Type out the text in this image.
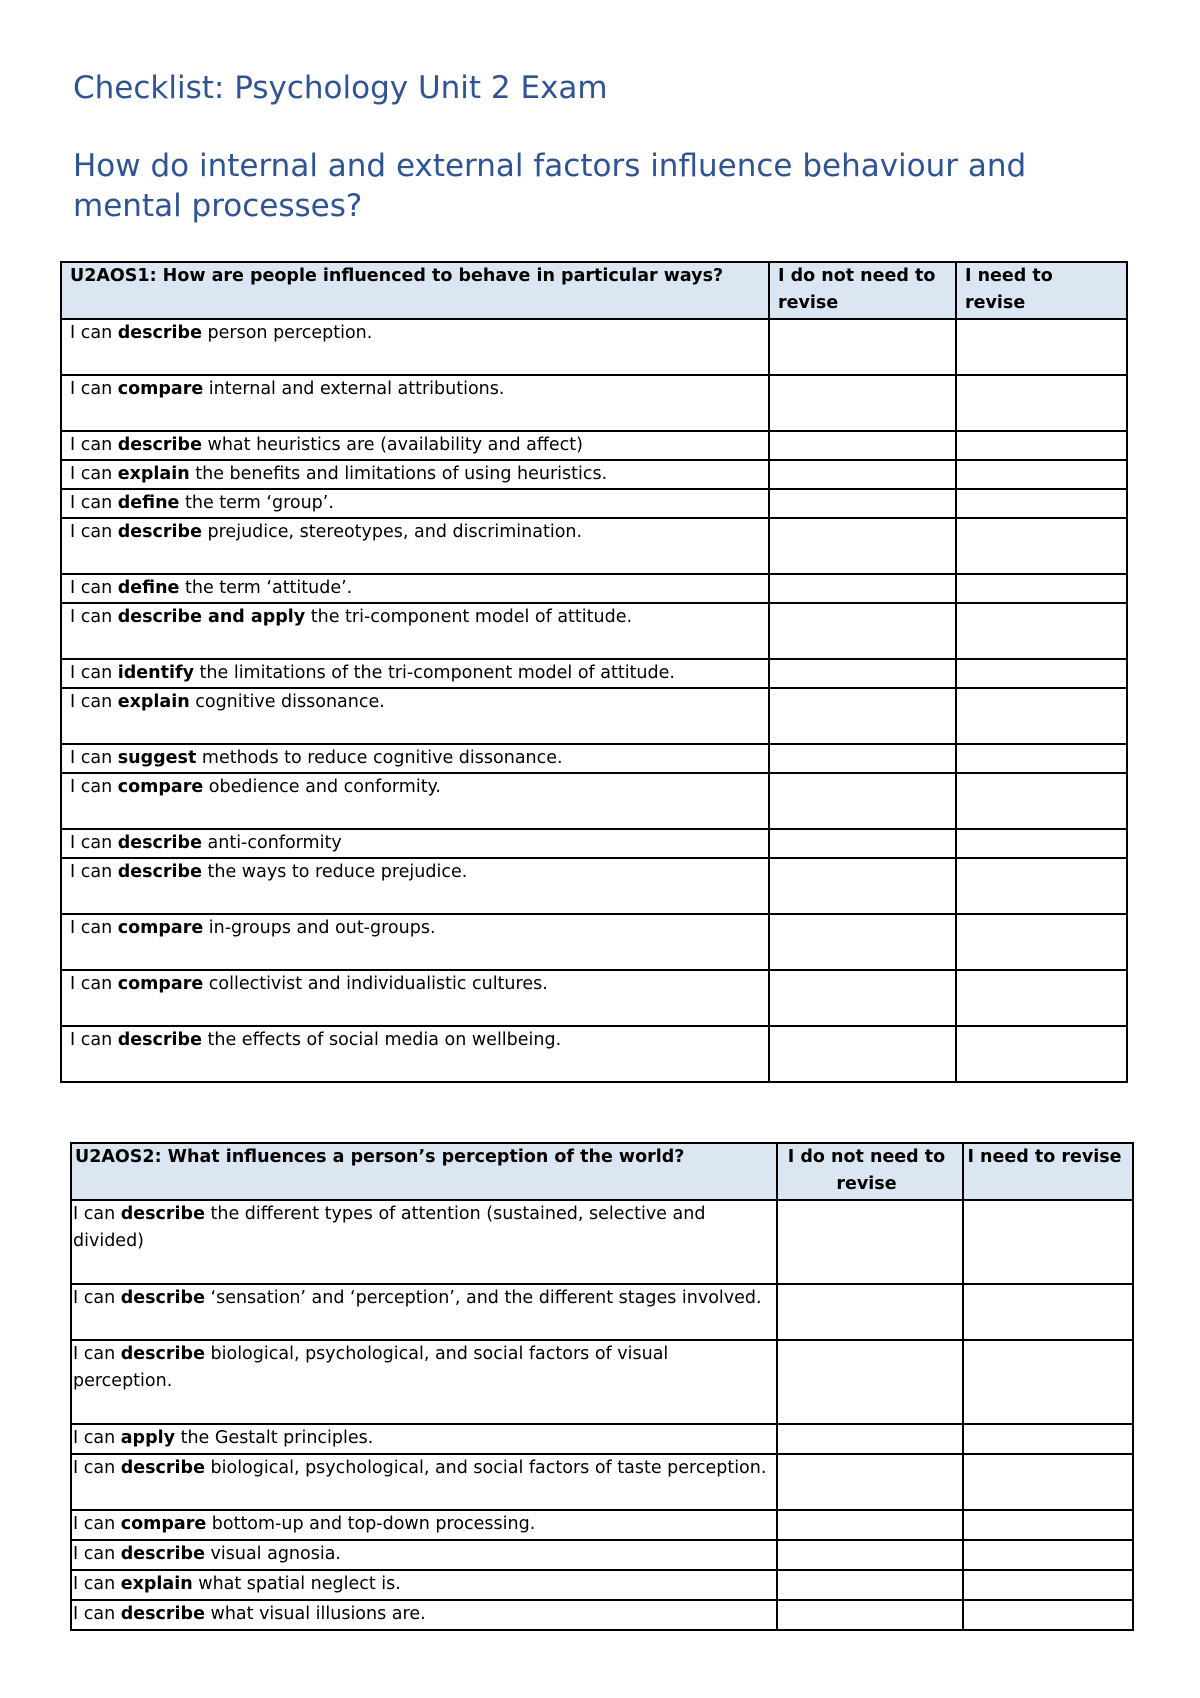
Checklist: Psychology Unit 2 Exam
How do internal and external factors influence behaviour and mental processes?
U2AOS1: How are people influenced to behave in particular ways?	I do not need to revise	I need to revise
I can describe person perception.		
I can compare internal and external attributions.		
I can describe what heuristics are (availability and affect)		
I can explain the benefits and limitations of using heuristics.		
I can define the term ‘group’.		
I can describe prejudice, stereotypes, and discrimination.		
I can define the term ‘attitude’.		
I can describe and apply the tri-component model of attitude.		
I can identify the limitations of the tri-component model of attitude.		
I can explain cognitive dissonance.		
I can suggest methods to reduce cognitive dissonance.		
I can compare obedience and conformity.		
I can describe anti-conformity		
I can describe the ways to reduce prejudice.		
I can compare in-groups and out-groups.		
I can compare collectivist and individualistic cultures.		
I can describe the effects of social media on wellbeing.		
U2AOS2: What influences a person’s perception of the world?	I do not need to revise	I need to revise
I can describe the different types of attention (sustained, selective and divided)		
I can describe ‘sensation’ and ‘perception’, and the different stages involved.		
I can describe biological, psychological, and social factors of visual perception.		
I can apply the Gestalt principles.		
I can describe biological, psychological, and social factors of taste perception.		
I can compare bottom-up and top-down processing.		
I can describe visual agnosia.		
I can explain what spatial neglect is.		
I can describe what visual illusions are.		
